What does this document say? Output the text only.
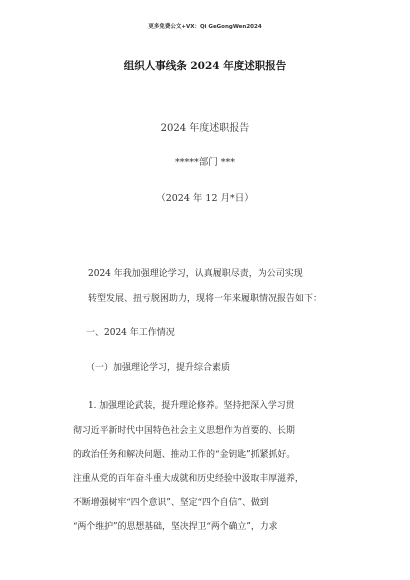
更多免费公文+VX：Qi GeGongWen2024
组织人事线条 2024 年度述职报告
2024 年度述职报告
*****部门 ***
（2024 年 12 月*日）
2024 年我加强理论学习，认真履职尽责，为公司实现
转型发展、扭亏脱困助力，现将一年来履职情况报告如下：
一、2024 年工作情况
（一）加强理论学习，提升综合素质
1. 加强理论武装，提升理论修养。坚持把深入学习贯
彻习近平新时代中国特色社会主义思想作为首要的、长期
的政治任务和解决问题、推动工作的“金钥匙”抓紧抓好。
注重从党的百年奋斗重大成就和历史经验中汲取丰厚滋养，
不断增强树牢“四个意识”、坚定“四个自信”、做到
“两个维护”的思想基础，坚决捍卫“两个确立”，力求
